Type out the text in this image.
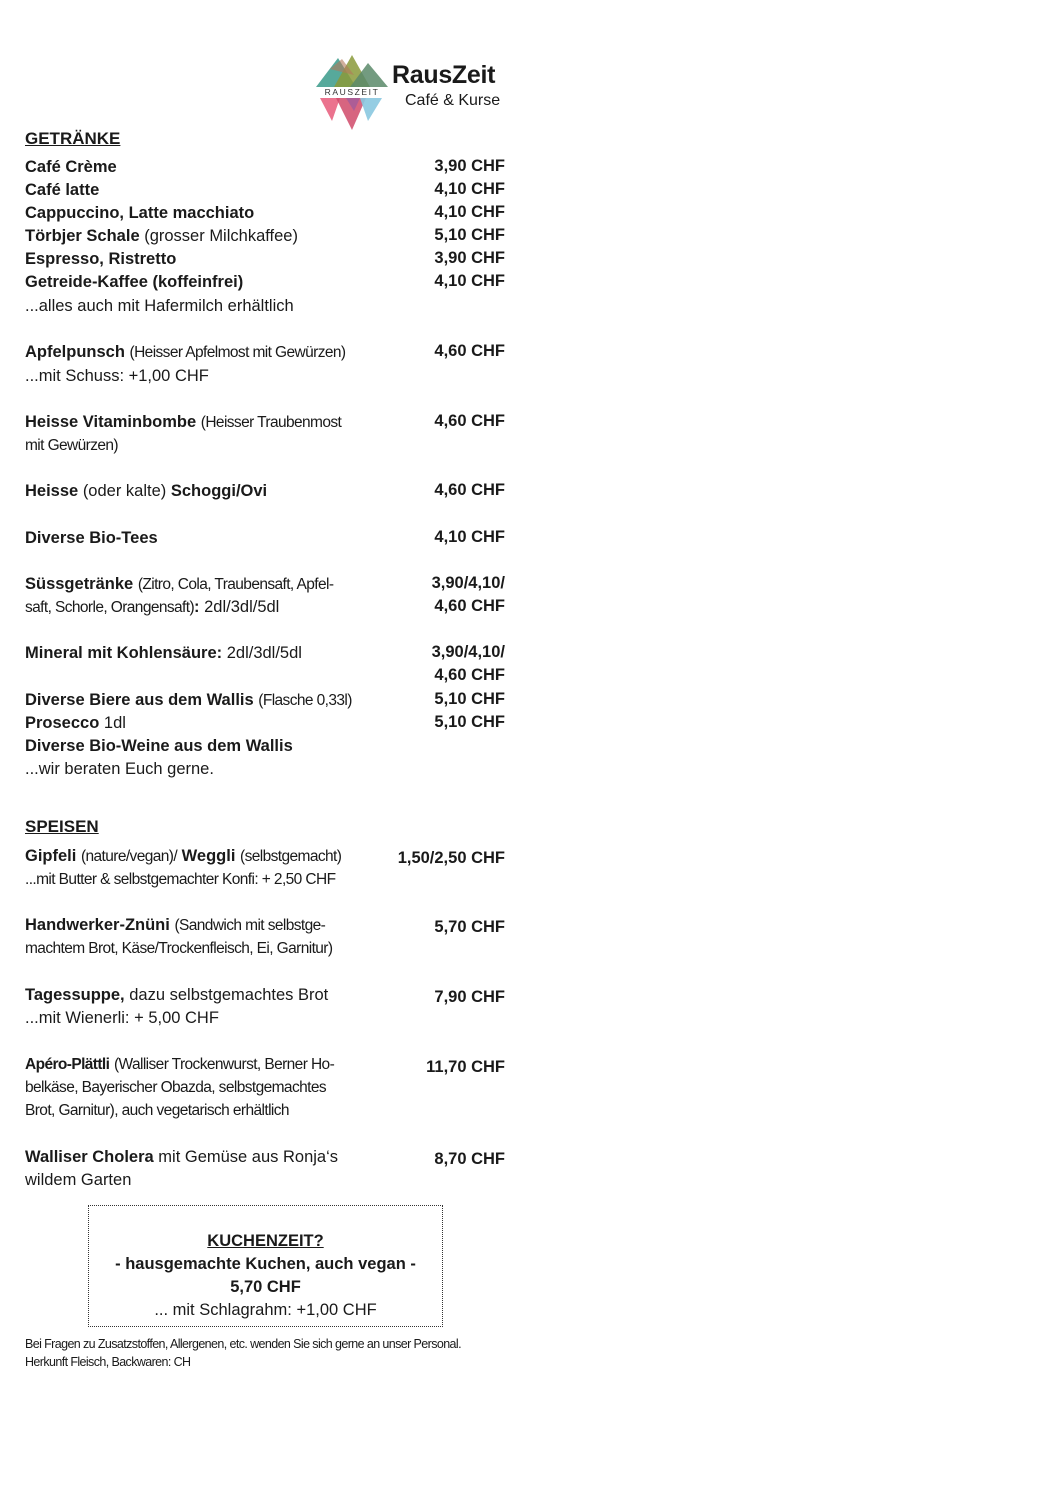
RAUSZEIT
RausZeit
Café & Kurse
GETRÄNKE
Café Crème	3,90 CHF
Café latte	4,10 CHF
Cappuccino, Latte macchiato	4,10 CHF
Törbjer Schale (grosser Milchkaffee)	5,10 CHF
Espresso, Ristretto	3,90 CHF
Getreide-Kaffee (koffeinfrei)	4,10 CHF
...alles auch mit Hafermilch erhältlich
Apfelpunsch (Heisser Apfelmost mit Gewürzen)	4,60 CHF
...mit Schuss: +1,00 CHF
Heisse Vitaminbombe (Heisser Traubenmost	4,60 CHF
mit Gewürzen)
Heisse (oder kalte) Schoggi/Ovi	4,60 CHF
Diverse Bio-Tees	4,10 CHF
Süssgetränke (Zitro, Cola, Traubensaft, Apfel-	3,90/4,10/
saft, Schorle, Orangensaft): 2dl/3dl/5dl	4,60 CHF
Mineral mit Kohlensäure: 2dl/3dl/5dl	3,90/4,10/
4,60 CHF
Diverse Biere aus dem Wallis (Flasche 0,33l)	5,10 CHF
Prosecco 1dl	5,10 CHF
Diverse Bio-Weine aus dem Wallis
...wir beraten Euch gerne.
SPEISEN
Gipfeli (nature/vegan)/ Weggli (selbstgemacht)	1,50/2,50 CHF
...mit Butter & selbstgemachter Konfi: + 2,50 CHF
Handwerker-Znüni (Sandwich mit selbstge-	5,70 CHF
machtem Brot, Käse/Trockenfleisch, Ei, Garnitur)
Tagessuppe, dazu selbstgemachtes Brot	7,90 CHF
...mit Wienerli: + 5,00 CHF
Apéro-Plättli (Walliser Trockenwurst, Berner Ho-	11,70 CHF
belkäse, Bayerischer Obazda, selbstgemachtes
Brot, Garnitur), auch vegetarisch erhältlich
Walliser Cholera mit Gemüse aus Ronja‘s	8,70 CHF
wildem Garten
KUCHENZEIT?
- hausgemachte Kuchen, auch vegan -
5,70 CHF
... mit Schlagrahm: +1,00 CHF
Bei Fragen zu Zusatzstoffen, Allergenen, etc. wenden Sie sich gerne an unser Personal.
Herkunft Fleisch, Backwaren: CH
